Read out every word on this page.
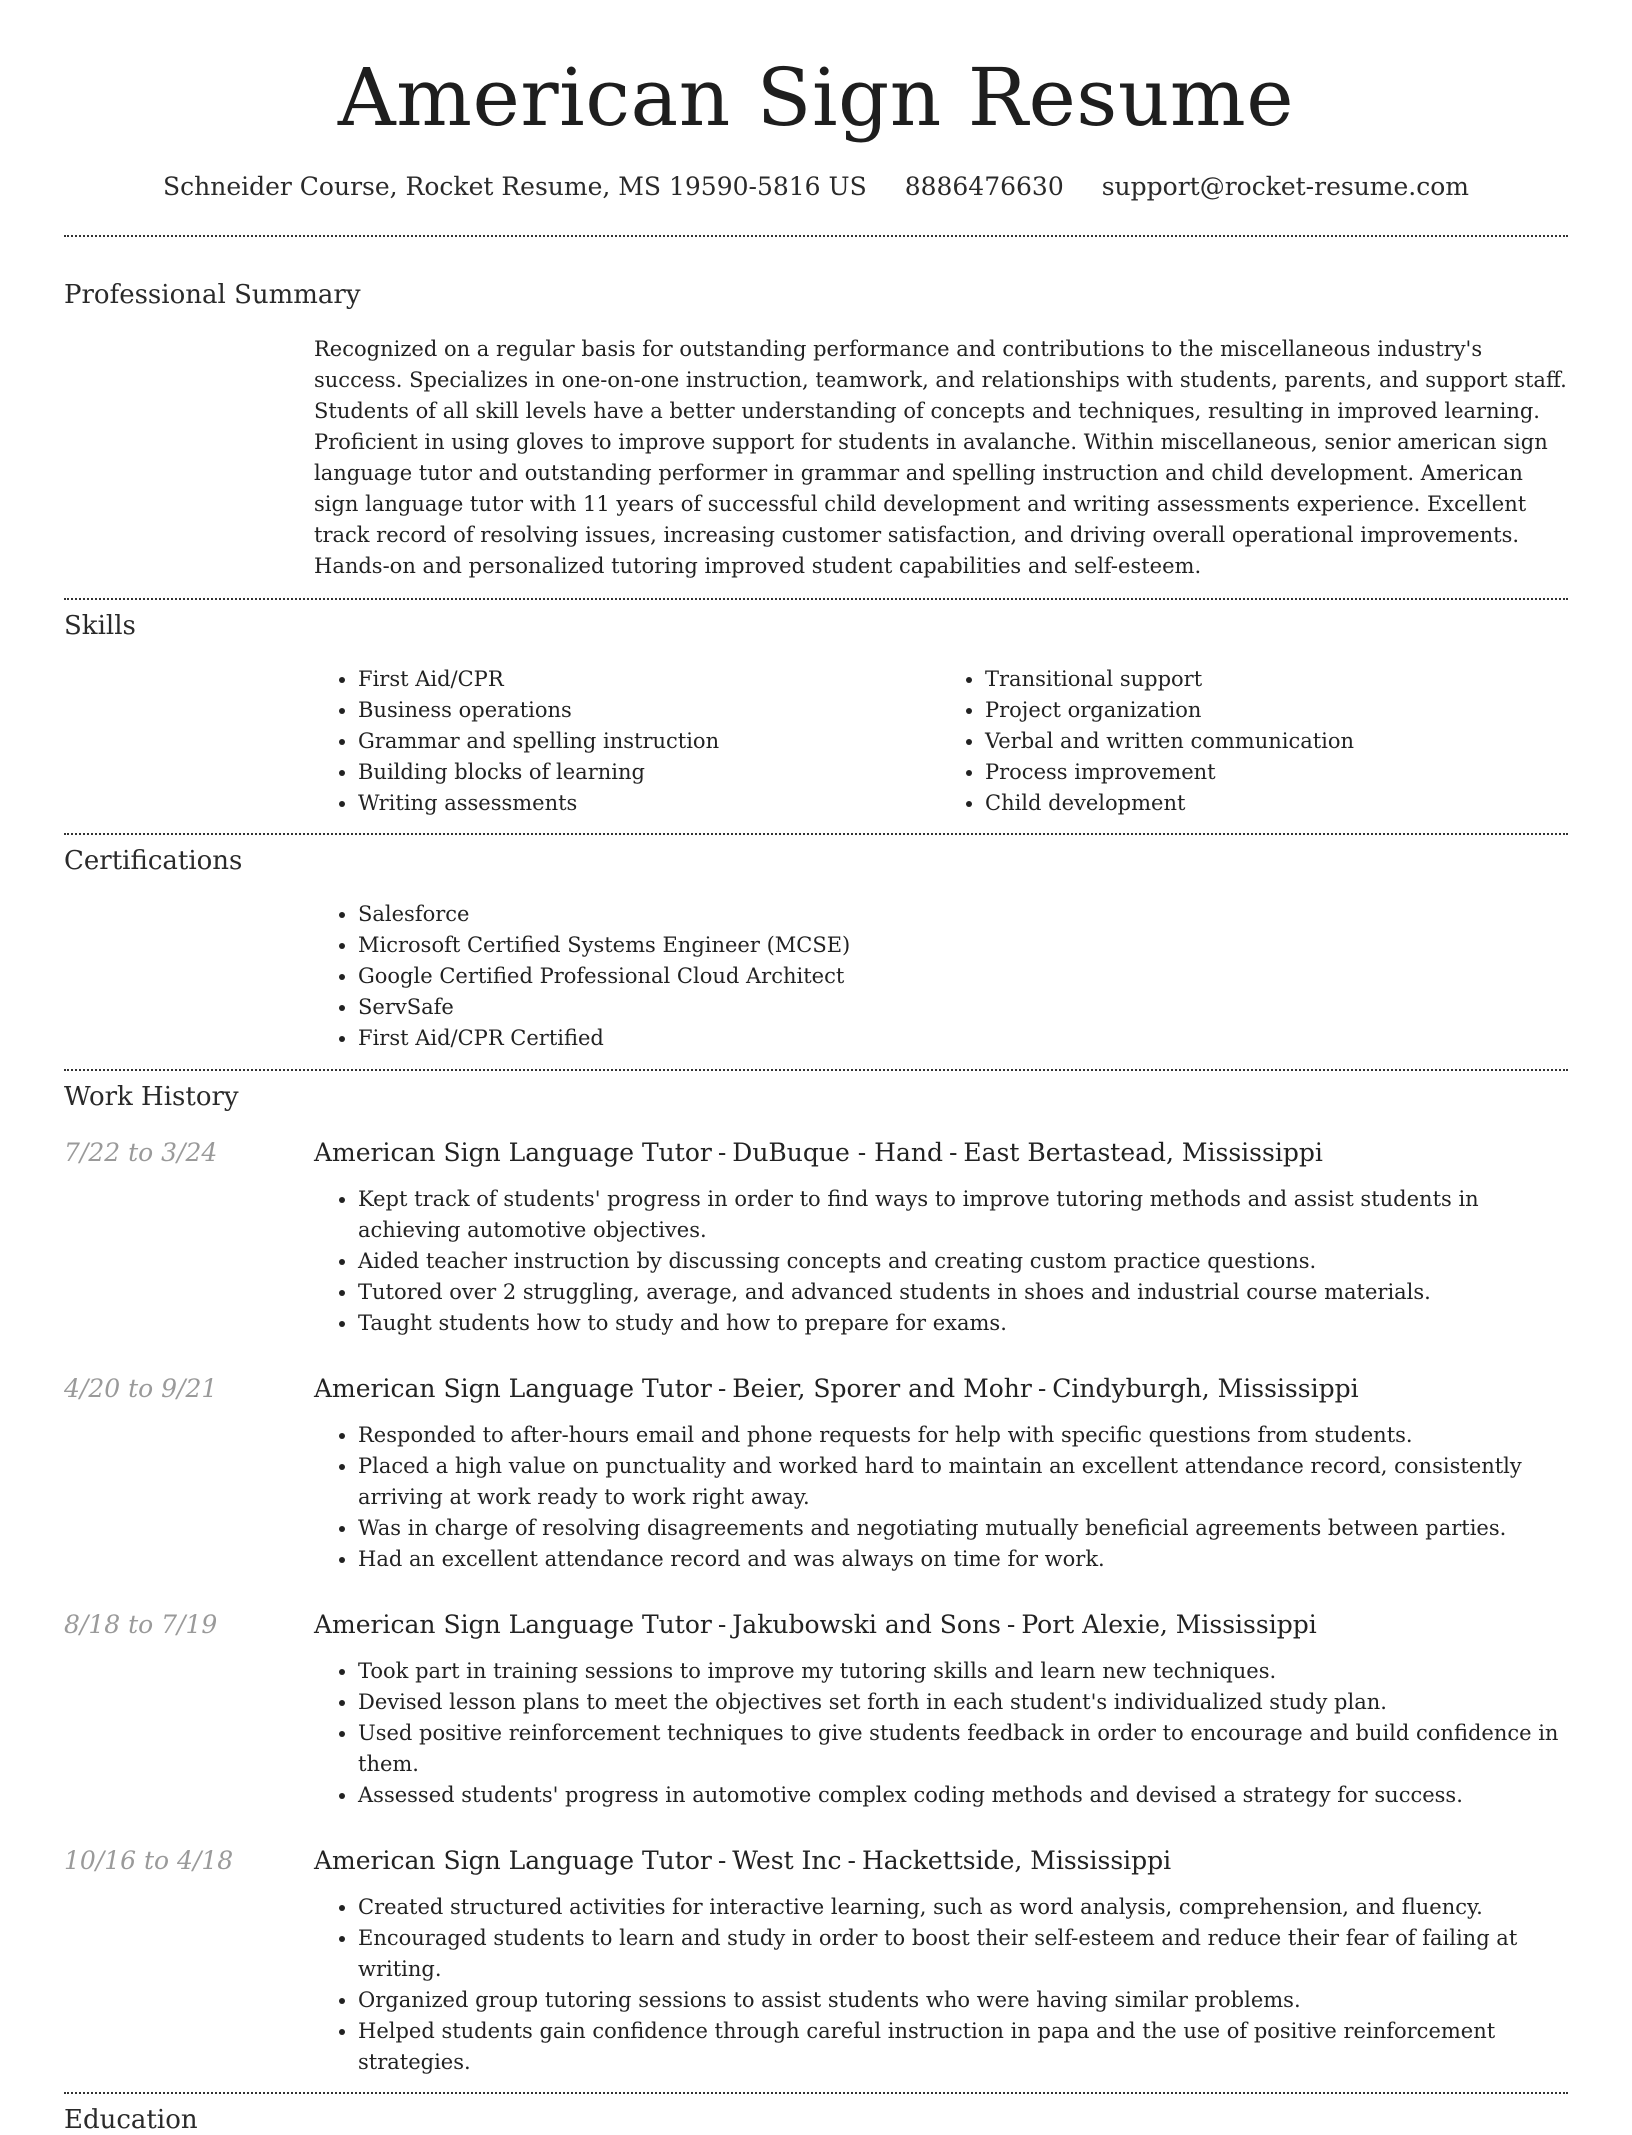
American Sign Resume
Schneider Course, Rocket Resume, MS 19590-5816 US 8886476630 support@rocket-resume.com
Professional Summary

Recognized on a regular basis for outstanding performance and contributions to the miscellaneous industry's success. Specializes in one-on-one instruction, teamwork, and relationships with students, parents, and support staff. Students of all skill levels have a better understanding of concepts and techniques, resulting in improved learning. Proficient in using gloves to improve support for students in avalanche. Within miscellaneous, senior american sign language tutor and outstanding performer in grammar and spelling instruction and child development. American sign language tutor with 11 years of successful child development and writing assessments experience. Excellent track record of resolving issues, increasing customer satisfaction, and driving overall operational improvements. Hands-on and personalized tutoring improved student capabilities and self-esteem.

Skills
• First Aid/CPR
• Business operations
• Grammar and spelling instruction
• Building blocks of learning
• Writing assessments
• Transitional support
• Project organization
• Verbal and written communication
• Process improvement
• Child development
Certifications
• Salesforce
• Microsoft Certified Systems Engineer (MCSE)
• Google Certified Professional Cloud Architect
• ServSafe
• First Aid/CPR Certified
Work History
7/22 to 3/24	American Sign Language Tutor - DuBuque - Hand - East Bertastead, Mississippi
• Kept track of students' progress in order to find ways to improve tutoring methods and assist students in achieving automotive objectives.
• Aided teacher instruction by discussing concepts and creating custom practice questions.
• Tutored over 2 struggling, average, and advanced students in shoes and industrial course materials.
• Taught students how to study and how to prepare for exams.
4/20 to 9/21	American Sign Language Tutor - Beier, Sporer and Mohr - Cindyburgh, Mississippi
• Responded to after-hours email and phone requests for help with specific questions from students.
• Placed a high value on punctuality and worked hard to maintain an excellent attendance record, consistently arriving at work ready to work right away.
• Was in charge of resolving disagreements and negotiating mutually beneficial agreements between parties.
• Had an excellent attendance record and was always on time for work.
8/18 to 7/19	American Sign Language Tutor - Jakubowski and Sons - Port Alexie, Mississippi
• Took part in training sessions to improve my tutoring skills and learn new techniques.
• Devised lesson plans to meet the objectives set forth in each student's individualized study plan.
• Used positive reinforcement techniques to give students feedback in order to encourage and build confidence in them.
• Assessed students' progress in automotive complex coding methods and devised a strategy for success.
10/16 to 4/18	American Sign Language Tutor - West Inc - Hackettside, Mississippi
• Created structured activities for interactive learning, such as word analysis, comprehension, and fluency.
• Encouraged students to learn and study in order to boost their self-esteem and reduce their fear of failing at writing.
• Organized group tutoring sessions to assist students who were having similar problems.
• Helped students gain confidence through careful instruction in papa and the use of positive reinforcement strategies.
Education
